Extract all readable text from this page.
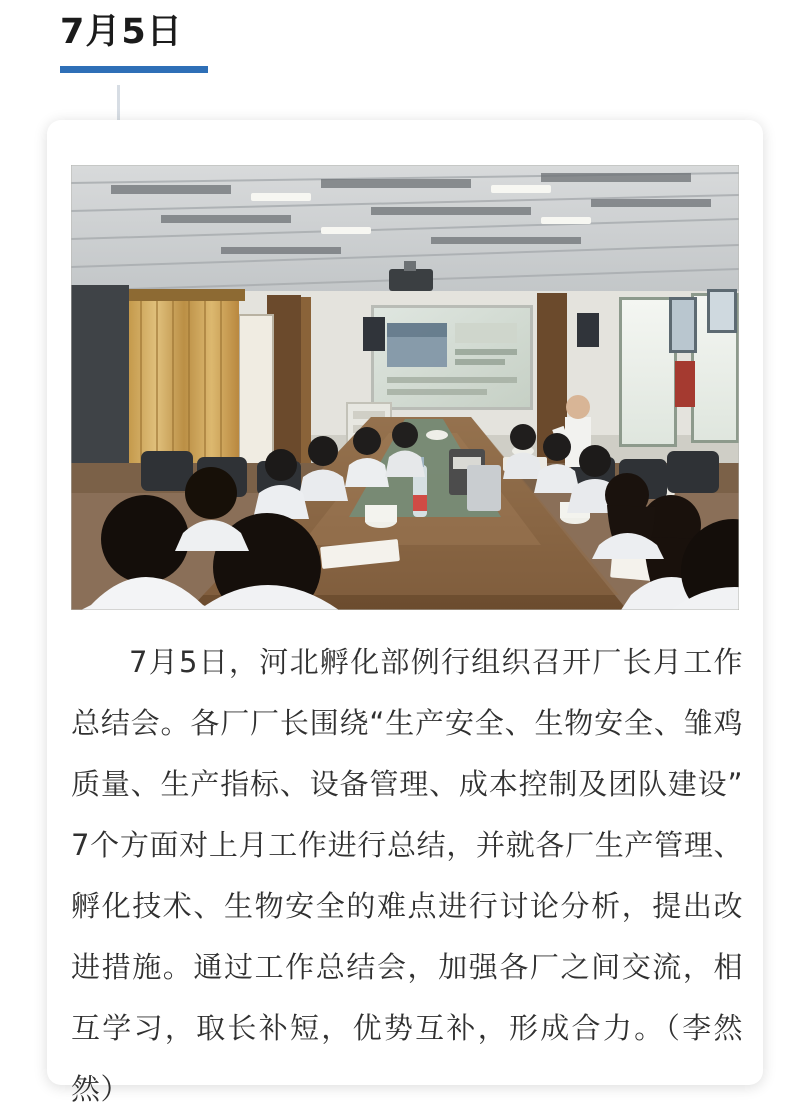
7月5日
7月5日，河北孵化部例行组织召开厂长月工作总结会。各厂厂长围绕“生产安全、生物安全、雏鸡质量、生产指标、设备管理、成本控制及团队建设”7个方面对上月工作进行总结，并就各厂生产管理、孵化技术、生物安全的难点进行讨论分析，提出改进措施。通过工作总结会，加强各厂之间交流，相互学习，取长补短，优势互补，形成合力。（李然然）
